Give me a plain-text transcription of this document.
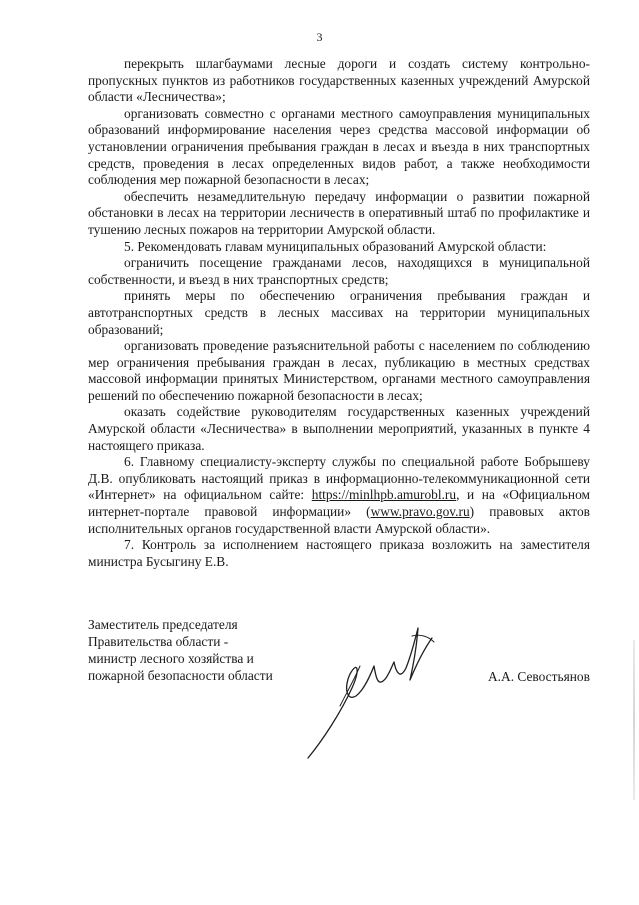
3

перекрыть шлагбаумами лесные дороги и создать систему контрольно-пропускных пунктов из работников государственных казенных учреждений Амурской области «Лесничества»;

организовать совместно с органами местного самоуправления муниципальных образований информирование населения через средства массовой информации об установлении ограничения пребывания граждан в лесах и въезда в них транспортных средств, проведения в лесах определенных видов работ, а также необходимости соблюдения мер пожарной безопасности в лесах;

обеспечить незамедлительную передачу информации о развитии пожарной обстановки в лесах на территории лесничеств в оперативный штаб по профилактике и тушению лесных пожаров на территории Амурской области.

5. Рекомендовать главам муниципальных образований Амурской области:

ограничить посещение гражданами лесов, находящихся в муниципальной собственности, и въезд в них транспортных средств;

принять меры по обеспечению ограничения пребывания граждан и автотранспортных средств в лесных массивах на территории муниципальных образований;

организовать проведение разъяснительной работы с населением по соблюдению мер ограничения пребывания граждан в лесах, публикацию в местных средствах массовой информации принятых Министерством, органами местного самоуправления решений по обеспечению пожарной безопасности в лесах;

оказать содействие руководителям государственных казенных учреждений Амурской области «Лесничества» в выполнении мероприятий, указанных в пункте 4 настоящего приказа.

6. Главному специалисту-эксперту службы по специальной работе Бобрышеву Д.В. опубликовать настоящий приказ в информационно-телекоммуникационной сети «Интернет» на официальном сайте: https://minlhpb.amurobl.ru, и на «Официальном интернет-портале правовой информации» (www.pravo.gov.ru) правовых актов исполнительных органов государственной власти Амурской области».

7. Контроль за исполнением настоящего приказа возложить на заместителя министра Бусыгину Е.В.

Заместитель председателя
Правительства области -
министр лесного хозяйства и
пожарной безопасности области	А.А. Севостьянов
